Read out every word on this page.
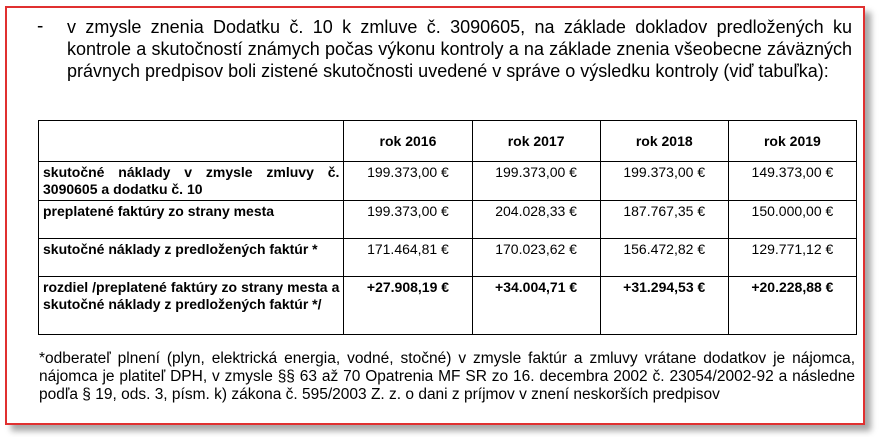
-	v zmysle znenia Dodatku č. 10 k zmluve č. 3090605, na základe dokladov predložených ku kontrole a skutočností známych počas výkonu kontroly a na základe znenia všeobecne záväzných právnych predpisov boli zistené skutočnosti uvedené v správe o výsledku kontroly (viď tabuľka):
	rok 2016	rok 2017	rok 2018	rok 2019
skutočné náklady v zmysle zmluvy č. 3090605 a dodatku č. 10	199.373,00 €	199.373,00 €	199.373,00 €	149.373,00 €
preplatené faktúry zo strany mesta	199.373,00 €	204.028,33 €	187.767,35 €	150.000,00 €
skutočné náklady z predložených faktúr *	171.464,81 €	170.023,62 €	156.472,82 €	129.771,12 €
rozdiel /preplatené faktúry zo strany mesta a skutočné náklady z predložených faktúr */	+27.908,19 €	+34.004,71 €	+31.294,53 €	+20.228,88 €
*odberateľ plnení (plyn, elektrická energia, vodné, stočné) v zmysle faktúr a zmluvy vrátane dodatkov je nájomca, nájomca je platiteľ DPH, v zmysle §§ 63 až 70 Opatrenia MF SR zo 16. decembra 2002 č. 23054/2002-92 a následne podľa § 19, ods. 3, písm. k) zákona č. 595/2003 Z. z. o dani z príjmov v znení neskorších predpisov
